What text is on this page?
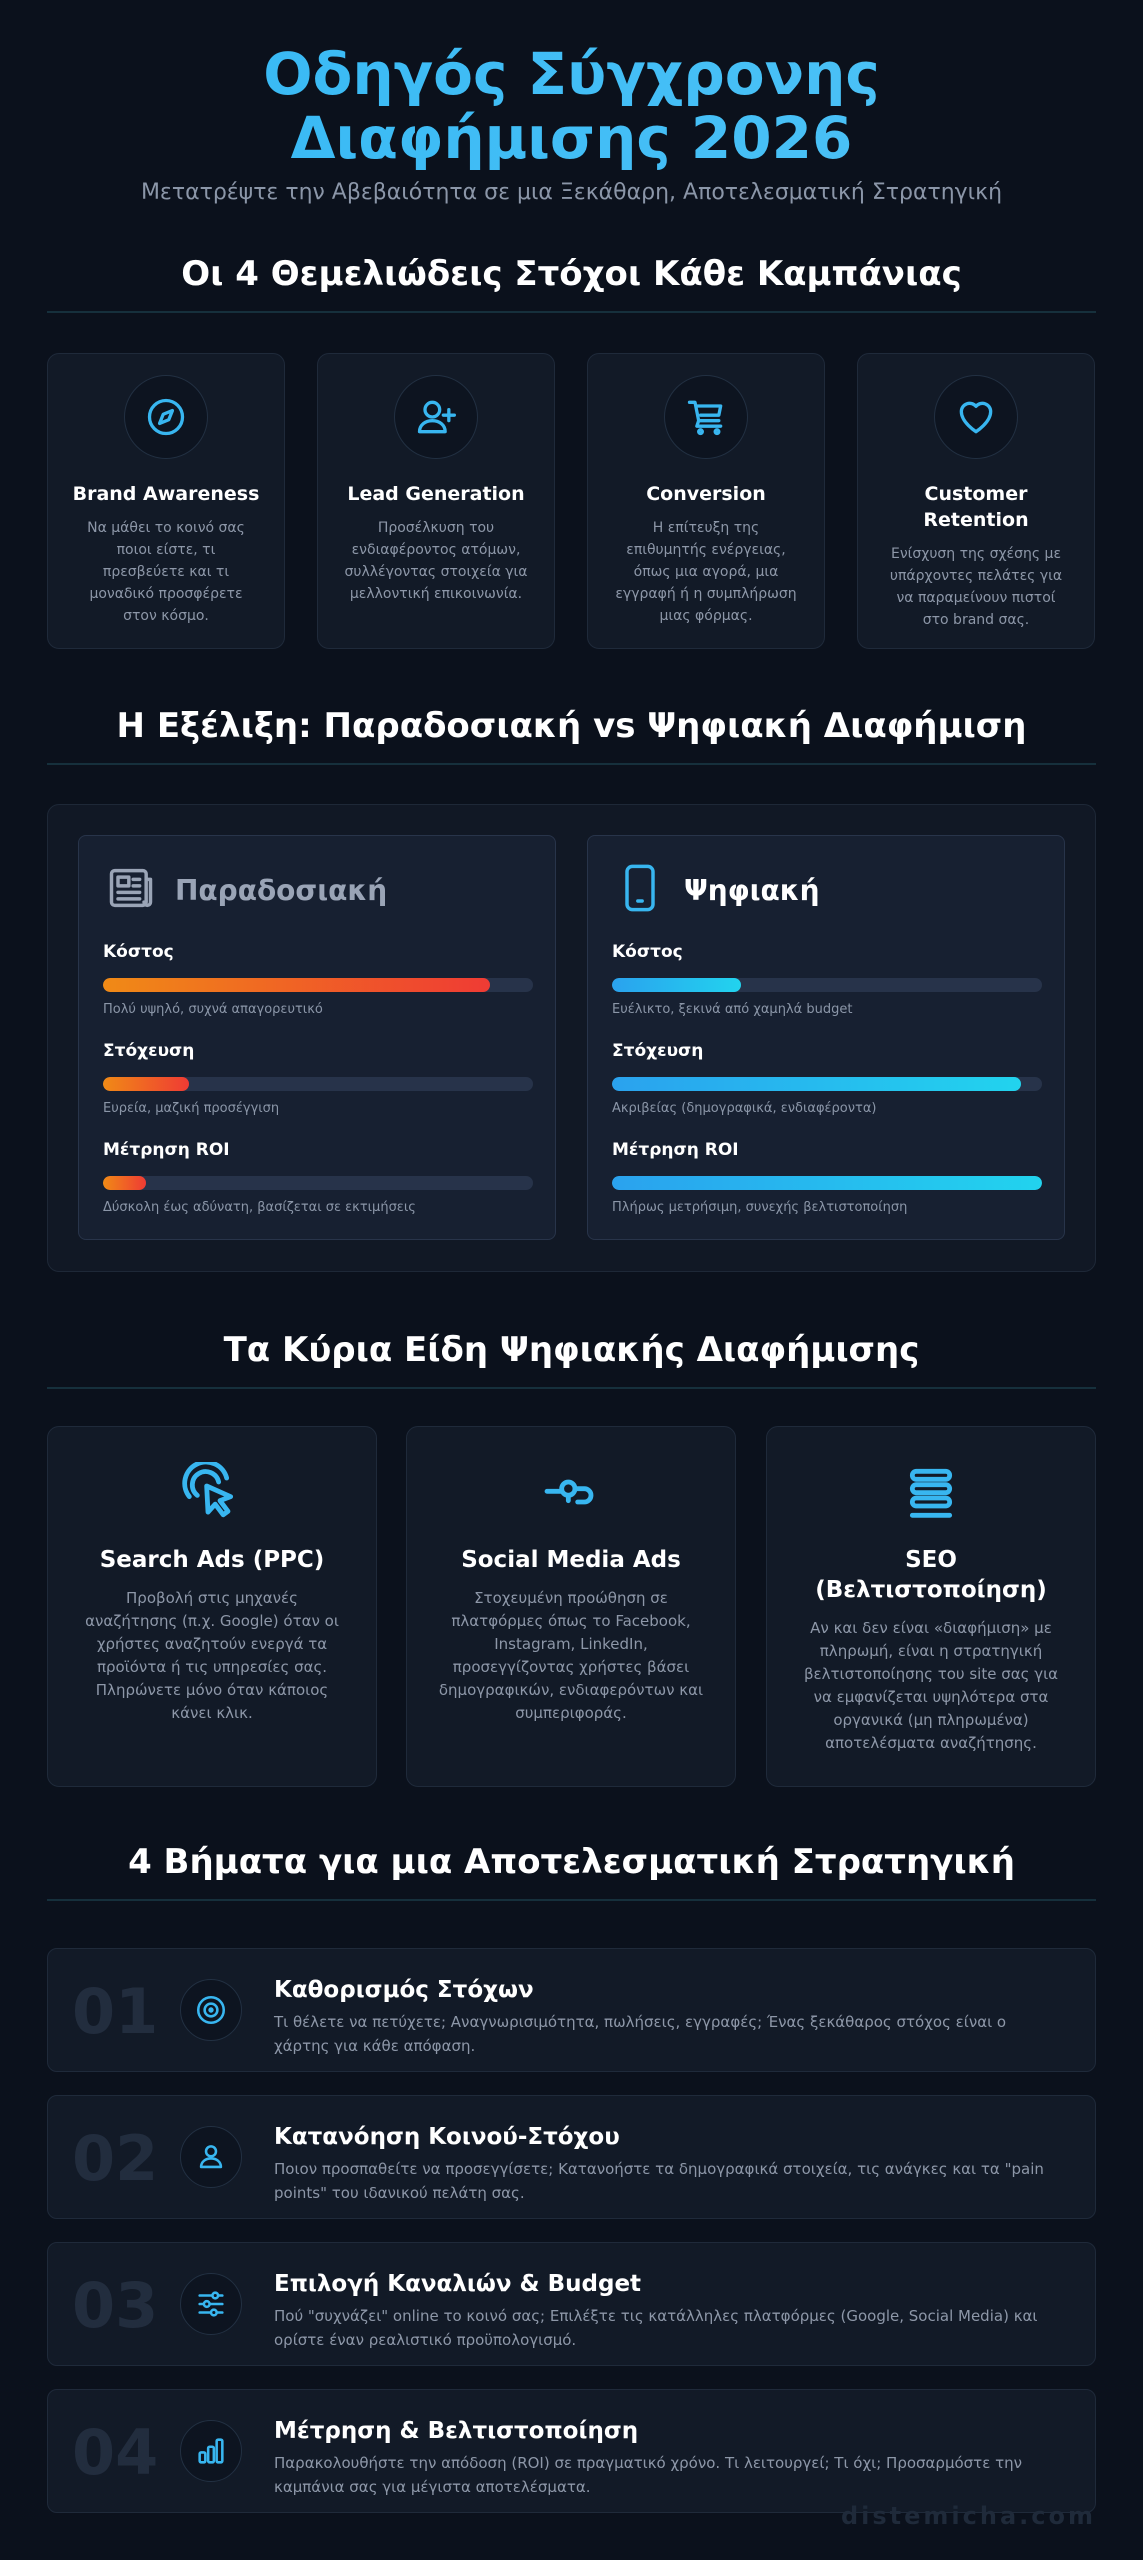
Οδηγός Σύγχρονης Διαφήμισης 2026
Μετατρέψτε την Αβεβαιότητα σε μια Ξεκάθαρη, Αποτελεσματική Στρατηγική
Οι 4 Θεμελιώδεις Στόχοι Κάθε Καμπάνιας
Brand Awareness
Να μάθει το κοινό σας ποιοι είστε, τι πρεσβεύετε και τι μοναδικό προσφέρετε στον κόσμο.
Lead Generation
Προσέλκυση του ενδιαφέροντος ατόμων, συλλέγοντας στοιχεία για μελλοντική επικοινωνία.
Conversion
Η επίτευξη της επιθυμητής ενέργειας, όπως μια αγορά, μια εγγραφή ή η συμπλήρωση μιας φόρμας.
Customer Retention
Ενίσχυση της σχέσης με υπάρχοντες πελάτες για να παραμείνουν πιστοί στο brand σας.
Η Εξέλιξη: Παραδοσιακή vs Ψηφιακή Διαφήμιση
Παραδοσιακή
Κόστος
Πολύ υψηλό, συχνά απαγορευτικό
Στόχευση
Ευρεία, μαζική προσέγγιση
Μέτρηση ROI
Δύσκολη έως αδύνατη, βασίζεται σε εκτιμήσεις
Ψηφιακή
Κόστος
Ευέλικτο, ξεκινά από χαμηλά budget
Στόχευση
Ακριβείας (δημογραφικά, ενδιαφέροντα)
Μέτρηση ROI
Πλήρως μετρήσιμη, συνεχής βελτιστοποίηση
Τα Κύρια Είδη Ψηφιακής Διαφήμισης
Search Ads (PPC)
Προβολή στις μηχανές αναζήτησης (π.χ. Google) όταν οι χρήστες αναζητούν ενεργά τα προϊόντα ή τις υπηρεσίες σας. Πληρώνετε μόνο όταν κάποιος κάνει κλικ.
Social Media Ads
Στοχευμένη προώθηση σε πλατφόρμες όπως το Facebook, Instagram, LinkedIn, προσεγγίζοντας χρήστες βάσει δημογραφικών, ενδιαφερόντων και συμπεριφοράς.
SEO (Βελτιστοποίηση)
Αν και δεν είναι «διαφήμιση» με πληρωμή, είναι η στρατηγική βελτιστοποίησης του site σας για να εμφανίζεται υψηλότερα στα οργανικά (μη πληρωμένα) αποτελέσματα αναζήτησης.
4 Βήματα για μια Αποτελεσματική Στρατηγική
01	Καθορισμός Στόχων
Τι θέλετε να πετύχετε; Αναγνωρισιμότητα, πωλήσεις, εγγραφές; Ένας ξεκάθαρος στόχος είναι ο χάρτης για κάθε απόφαση.
02	Κατανόηση Κοινού-Στόχου
Ποιον προσπαθείτε να προσεγγίσετε; Κατανοήστε τα δημογραφικά στοιχεία, τις ανάγκες και τα "pain points" του ιδανικού πελάτη σας.
03	Επιλογή Καναλιών & Budget
Πού "συχνάζει" online το κοινό σας; Επιλέξτε τις κατάλληλες πλατφόρμες (Google, Social Media) και ορίστε έναν ρεαλιστικό προϋπολογισμό.
04	Μέτρηση & Βελτιστοποίηση
Παρακολουθήστε την απόδοση (ROI) σε πραγματικό χρόνο. Τι λειτουργεί; Τι όχι; Προσαρμόστε την καμπάνια σας για μέγιστα αποτελέσματα.
distemicha.com
